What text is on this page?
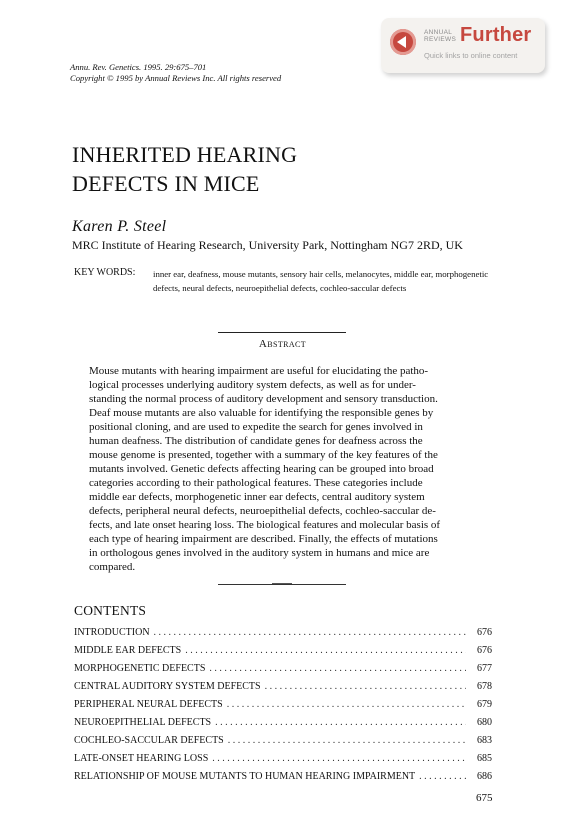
Annu. Rev. Genetics. 1995. 29:675–701
Copyright © 1995 by Annual Reviews Inc. All rights reserved
ANNUAL
REVIEWS Further
Quick links to online content
INHERITED HEARING
DEFECTS IN MICE
Karen P. Steel
MRC Institute of Hearing Research, University Park, Nottingham NG7 2RD, UK
KEY WORDS: inner ear, deafness, mouse mutants, sensory hair cells, melanocytes, middle ear, morphogenetic defects, neural defects, neuroepithelial defects, cochleo-saccular defects
Abstract
Mouse mutants with hearing impairment are useful for elucidating the patho-
logical processes underlying auditory system defects, as well as for under-
standing the normal process of auditory development and sensory transduction.
Deaf mouse mutants are also valuable for identifying the responsible genes by
positional cloning, and are used to expedite the search for genes involved in
human deafness. The distribution of candidate genes for deafness across the
mouse genome is presented, together with a summary of the key features of the
mutants involved. Genetic defects affecting hearing can be grouped into broad
categories according to their pathological features. These categories include
middle ear defects, morphogenetic inner ear defects, central auditory system
defects, peripheral neural defects, neuroepithelial defects, cochleo-saccular de-
fects, and late onset hearing loss. The biological features and molecular basis of
each type of hearing impairment are described. Finally, the effects of mutations
in orthologous genes involved in the auditory system in humans and mice are
compared.
CONTENTS
INTRODUCTION . . .	676
MIDDLE EAR DEFECTS . . .	676
MORPHOGENETIC DEFECTS . . .	677
CENTRAL AUDITORY SYSTEM DEFECTS . . .	678
PERIPHERAL NEURAL DEFECTS . . .	679
NEUROEPITHELIAL DEFECTS . . .	680
COCHLEO-SACCULAR DEFECTS . . .	683
LATE-ONSET HEARING LOSS . . .	685
RELATIONSHIP OF MOUSE MUTANTS TO HUMAN HEARING IMPAIRMENT . . .	686
675
